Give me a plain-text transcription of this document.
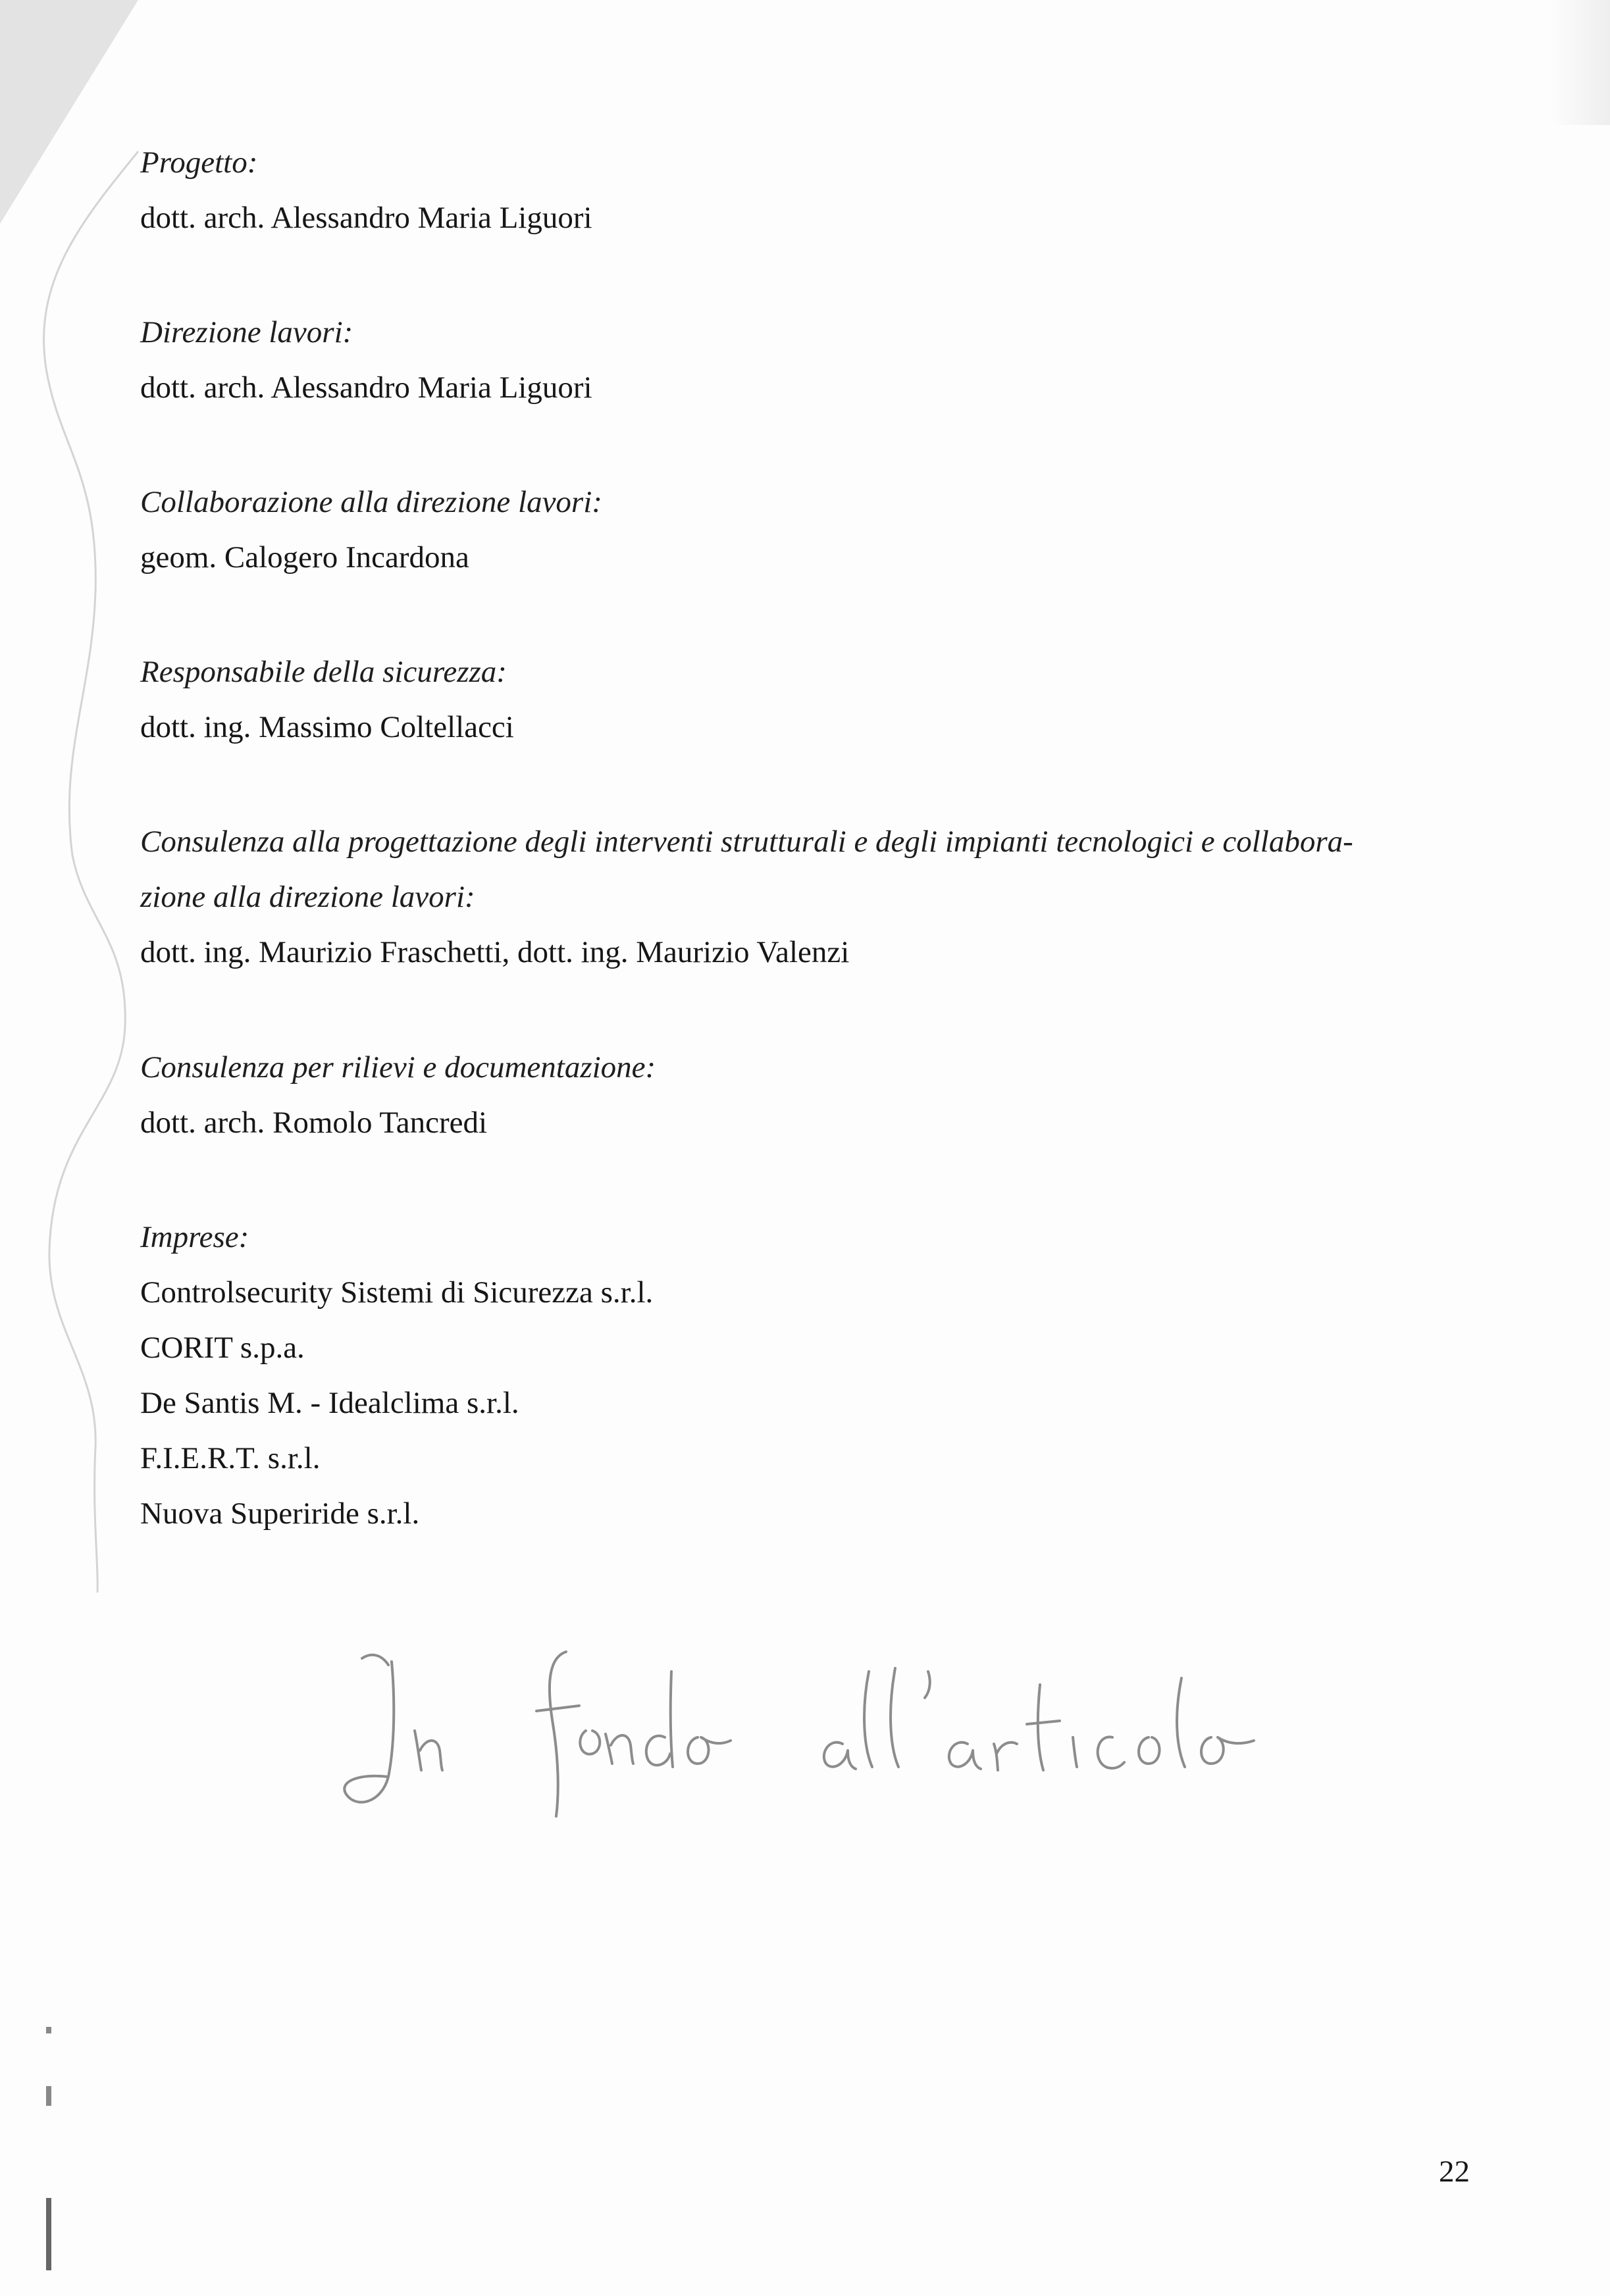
Progetto:

dott. arch. Alessandro Maria Liguori

Direzione lavori:

dott. arch. Alessandro Maria Liguori

Collaborazione alla direzione lavori:

geom. Calogero Incardona

Responsabile della sicurezza:

dott. ing. Massimo Coltellacci

Consulenza alla progettazione degli interventi strutturali e degli impianti tecnologici e collabora-

zione alla direzione lavori:

dott. ing. Maurizio Fraschetti, dott. ing. Maurizio Valenzi

Consulenza per rilievi e documentazione:

dott. arch. Romolo Tancredi

Imprese:

Controlsecurity Sistemi di Sicurezza s.r.l.

CORIT s.p.a.

De Santis M. - Idealclima s.r.l.

F.I.E.R.T. s.r.l.

Nuova Superiride s.r.l.

In fondo all'articolo
22
